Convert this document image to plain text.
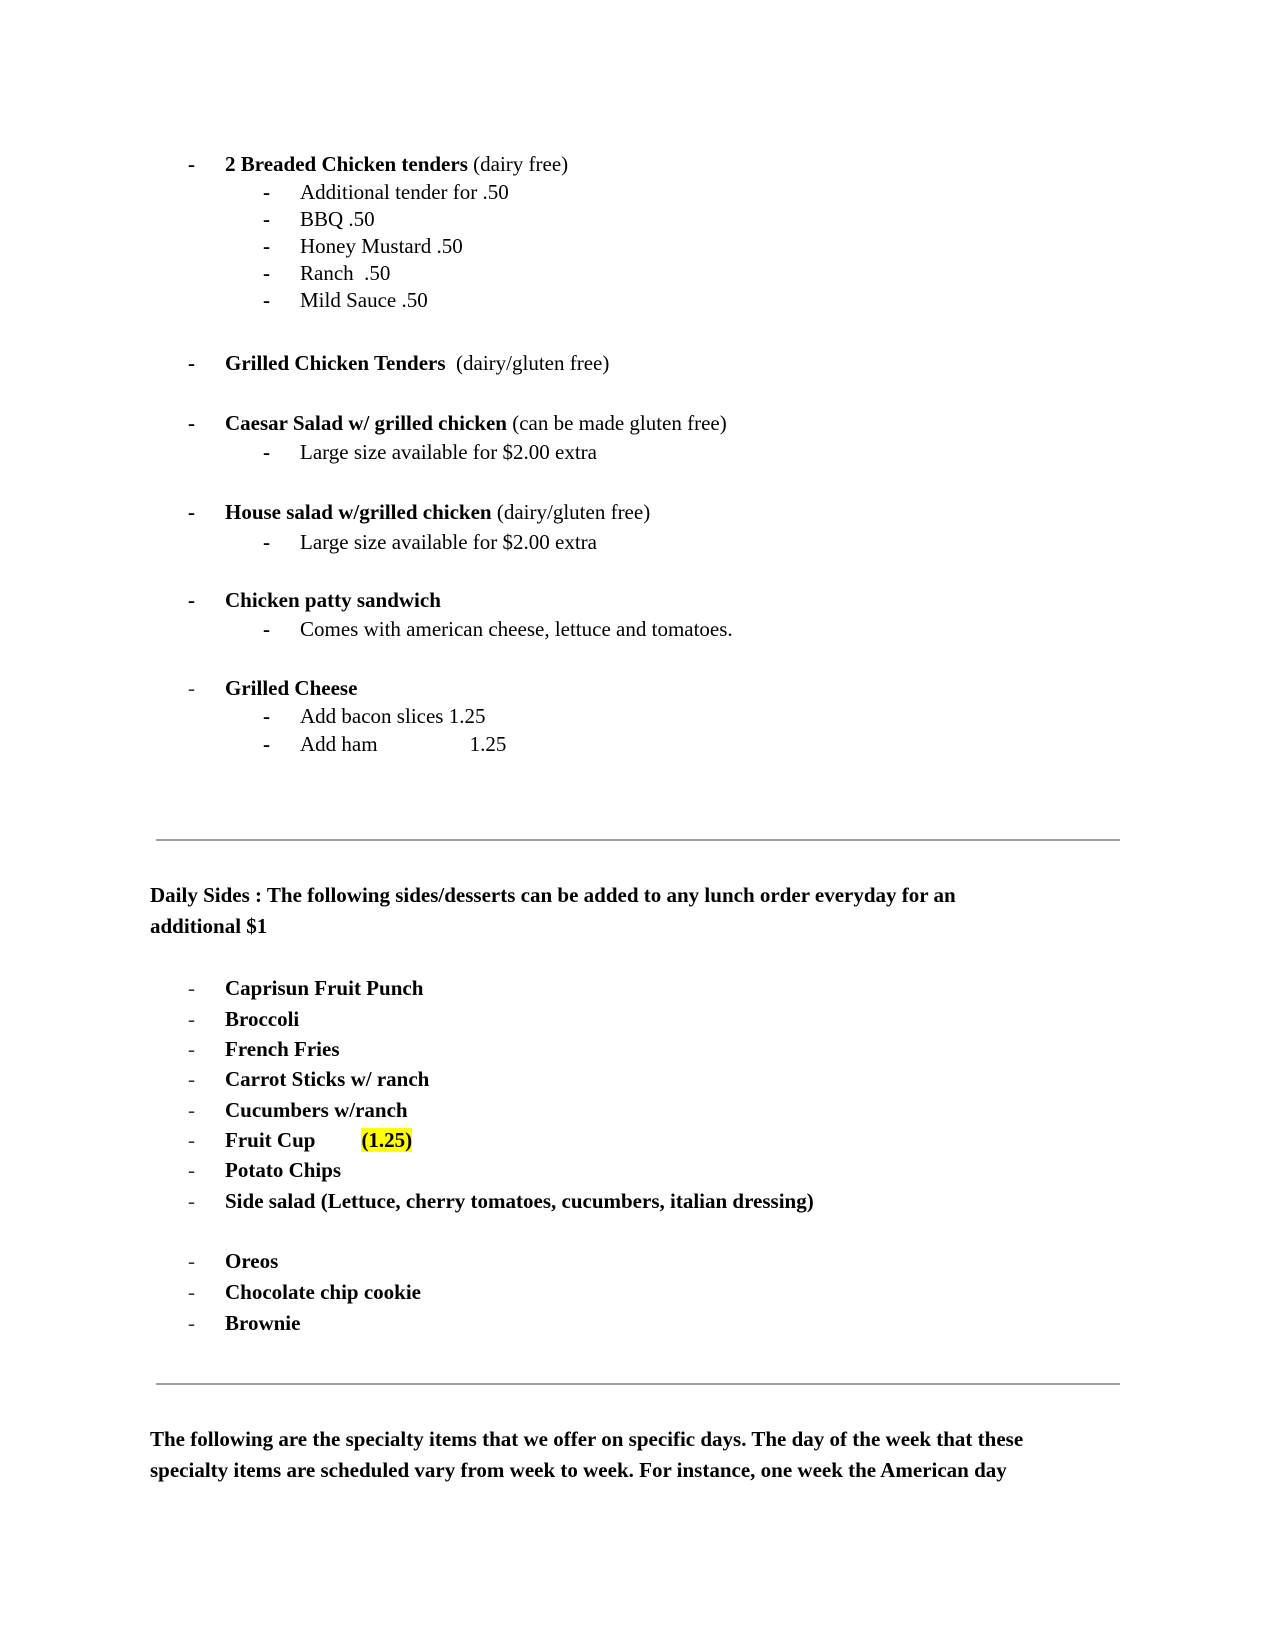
-	2 Breaded Chicken tenders (dairy free)
-	Additional tender for .50
-	BBQ .50
-	Honey Mustard .50
-	Ranch  .50
-	Mild Sauce .50
-	Grilled Chicken Tenders  (dairy/gluten free)
-	Caesar Salad w/ grilled chicken (can be made gluten free)
-	Large size available for $2.00 extra
-	House salad w/grilled chicken (dairy/gluten free)
-	Large size available for $2.00 extra
-	Chicken patty sandwich
-	Comes with american cheese, lettuce and tomatoes.
-	Grilled Cheese
-	Add bacon slices 1.25
-	Add ham	1.25
Daily Sides : The following sides/desserts can be added to any lunch order everyday for an
additional $1
-	Caprisun Fruit Punch
-	Broccoli
-	French Fries
-	Carrot Sticks w/ ranch
-	Cucumbers w/ranch
-	Fruit Cup (1.25)
-	Potato Chips
-	Side salad (Lettuce, cherry tomatoes, cucumbers, italian dressing)
-	Oreos
-	Chocolate chip cookie
-	Brownie
The following are the specialty items that we offer on specific days. The day of the week that these
specialty items are scheduled vary from week to week. For instance, one week the American day
